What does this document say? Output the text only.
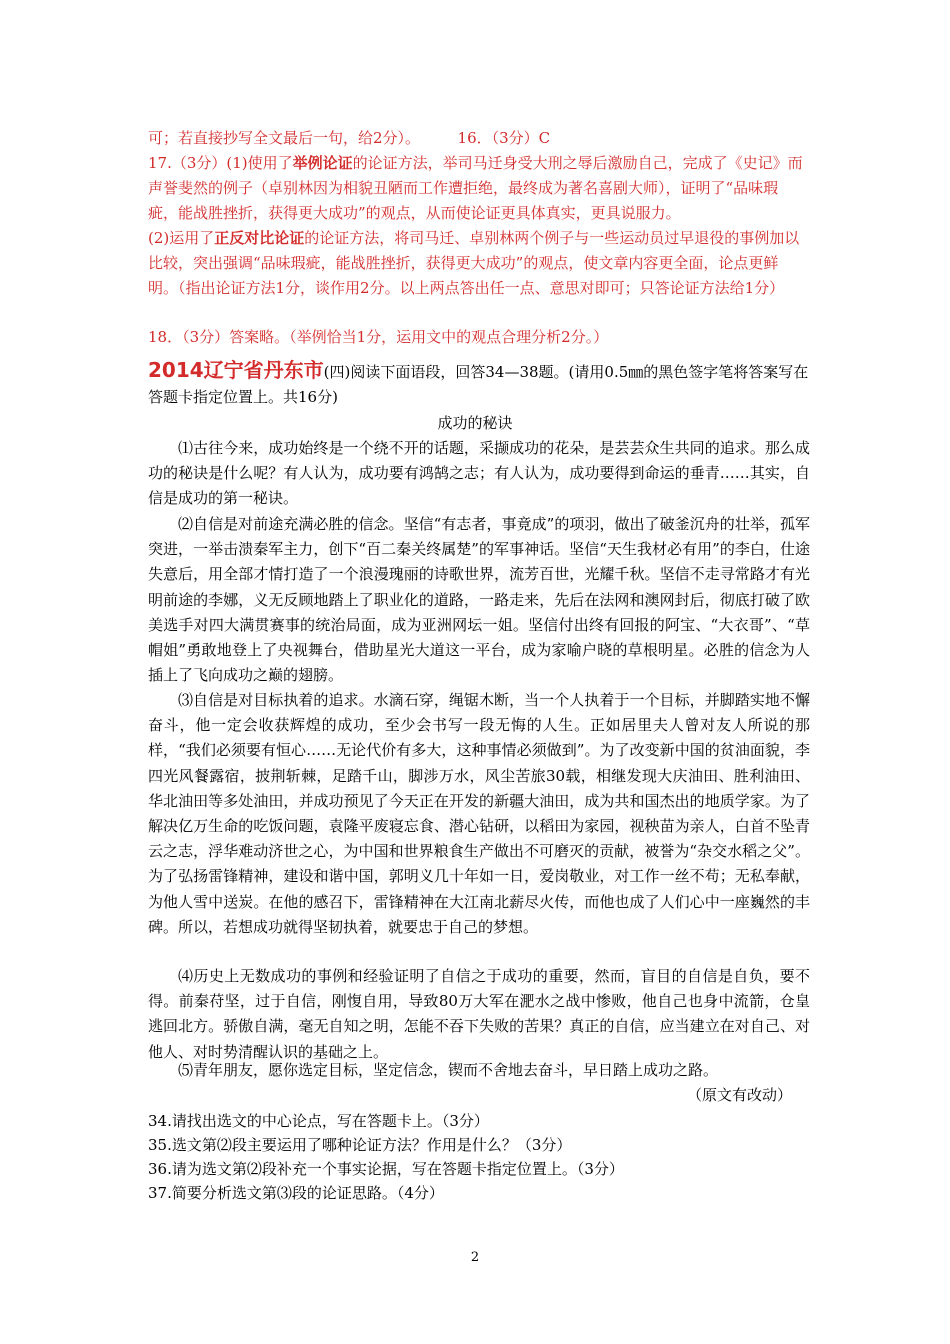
可；若直接抄写全文最后一句，给2分）。　　　16．（3分）C
17.（3分）(1)使用了举例论证的论证方法，举司马迁身受大刑之辱后激励自己，完成了《史记》而声誉斐然的例子（卓别林因为相貌丑陋而工作遭拒绝，最终成为著名喜剧大师），证明了“品味瑕疵，能战胜挫折，获得更大成功”的观点，从而使论证更具体真实，更具说服力。
(2)运用了正反对比论证的论证方法，将司马迁、卓别林两个例子与一些运动员过早退役的事例加以比较，突出强调“品味瑕疵，能战胜挫折，获得更大成功”的观点，使文章内容更全面，论点更鲜明。（指出论证方法1分，谈作用2分。以上两点答出任一点、意思对即可；只答论证方法给1分）
18．（3分）答案略。（举例恰当1分，运用文中的观点合理分析2分。）
2014辽宁省丹东市(四)阅读下面语段，回答34—38题。(请用0.5㎜的黑色签字笔将答案写在答题卡指定位置上。共16分)
成功的秘诀
⑴古往今来，成功始终是一个绕不开的话题，采撷成功的花朵，是芸芸众生共同的追求。那么成功的秘诀是什么呢？有人认为，成功要有鸿鹄之志；有人认为，成功要得到命运的垂青……其实，自信是成功的第一秘诀。
⑵自信是对前途充满必胜的信念。坚信“有志者，事竟成”的项羽，做出了破釜沉舟的壮举，孤军突进，一举击溃秦军主力，创下“百二秦关终属楚”的军事神话。坚信“天生我材必有用”的李白，仕途失意后，用全部才情打造了一个浪漫瑰丽的诗歌世界，流芳百世，光耀千秋。坚信不走寻常路才有光明前途的李娜，义无反顾地踏上了职业化的道路，一路走来，先后在法网和澳网封后，彻底打破了欧美选手对四大满贯赛事的统治局面，成为亚洲网坛一姐。坚信付出终有回报的阿宝、“大衣哥”、“草帽姐”勇敢地登上了央视舞台，借助星光大道这一平台，成为家喻户晓的草根明星。必胜的信念为人插上了飞向成功之巅的翅膀。
⑶自信是对目标执着的追求。水滴石穿，绳锯木断，当一个人执着于一个目标，并脚踏实地不懈奋斗，他一定会收获辉煌的成功，至少会书写一段无悔的人生。正如居里夫人曾对友人所说的那样，“我们必须要有恒心……无论代价有多大，这种事情必须做到”。为了改变新中国的贫油面貌，李四光风餐露宿，披荆斩棘，足踏千山，脚涉万水，风尘苦旅30载，相继发现大庆油田、胜利油田、华北油田等多处油田，并成功预见了今天正在开发的新疆大油田，成为共和国杰出的地质学家。为了解决亿万生命的吃饭问题，袁隆平废寝忘食、潜心钻研，以稻田为家园，视秧苗为亲人，白首不坠青云之志，浮华难动济世之心，为中国和世界粮食生产做出不可磨灭的贡献，被誉为“杂交水稻之父”。为了弘扬雷锋精神，建设和谐中国，郭明义几十年如一日，爱岗敬业，对工作一丝不苟；无私奉献，为他人雪中送炭。在他的感召下，雷锋精神在大江南北薪尽火传，而他也成了人们心中一座巍然的丰碑。所以，若想成功就得坚韧执着，就要忠于自己的梦想。
⑷历史上无数成功的事例和经验证明了自信之于成功的重要，然而，盲目的自信是自负，要不得。前秦苻坚，过于自信，刚愎自用，导致80万大军在淝水之战中惨败，他自己也身中流箭，仓皇逃回北方。骄傲自满，毫无自知之明，怎能不吞下失败的苦果？真正的自信，应当建立在对自己、对他人、对时势清醒认识的基础之上。
⑸青年朋友，愿你选定目标，坚定信念，锲而不舍地去奋斗，早日踏上成功之路。
（原文有改动）
34.请找出选文的中心论点，写在答题卡上。（3分）
35.选文第⑵段主要运用了哪种论证方法？作用是什么？（3分）
36.请为选文第⑵段补充一个事实论据，写在答题卡指定位置上。（3分）
37.简要分析选文第⑶段的论证思路。（4分）
2
